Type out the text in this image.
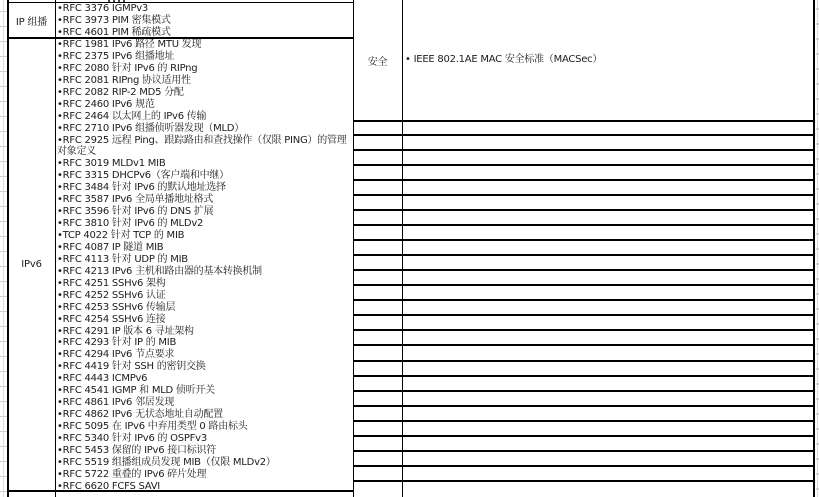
IP 组播
•RFC 3376 IGMPv3
•RFC 3973 PIM 密集模式
•RFC 4601 PIM 稀疏模式
IPv6
•RFC 1981 IPv6 路径 MTU 发现
•RFC 2375 IPv6 组播地址
•RFC 2080 针对 IPv6 的 RIPng
•RFC 2081 RIPng 协议适用性
•RFC 2082 RIP-2 MD5 分配
•RFC 2460 IPv6 规范
•RFC 2464 以太网上的 IPv6 传输
•RFC 2710 IPv6 组播侦听器发现（MLD）
•RFC 2925 远程 Ping、跟踪路由和查找操作（仅限 PING）的管理对象定义
•RFC 3019 MLDv1 MIB
•RFC 3315 DHCPv6（客户端和中继）
•RFC 3484 针对 IPv6 的默认地址选择
•RFC 3587 IPv6 全局单播地址格式
•RFC 3596 针对 IPv6 的 DNS 扩展
•RFC 3810 针对 IPv6 的 MLDv2
•TCP 4022 针对 TCP 的 MIB
•RFC 4087 IP 隧道 MIB
•RFC 4113 针对 UDP 的 MIB
•RFC 4213 IPv6 主机和路由器的基本转换机制
•RFC 4251 SSHv6 架构
•RFC 4252 SSHv6 认证
•RFC 4253 SSHv6 传输层
•RFC 4254 SSHv6 连接
•RFC 4291 IP 版本 6 寻址架构
•RFC 4293 针对 IP 的 MIB
•RFC 4294 IPv6 节点要求
•RFC 4419 针对 SSH 的密钥交换
•RFC 4443 ICMPv6
•RFC 4541 IGMP 和 MLD 侦听开关
•RFC 4861 IPv6 邻居发现
•RFC 4862 IPv6 无状态地址自动配置
•RFC 5095 在 IPv6 中弃用类型 0 路由标头
•RFC 5340 针对 IPv6 的 OSPFv3
•RFC 5453 保留的 IPv6 接口标识符
•RFC 5519 组播组成员发现 MIB（仅限 MLDv2）
•RFC 5722 重叠的 IPv6 碎片处理
•RFC 6620 FCFS SAVI
安全	• IEEE 802.1AE MAC 安全标准（MACSec）
